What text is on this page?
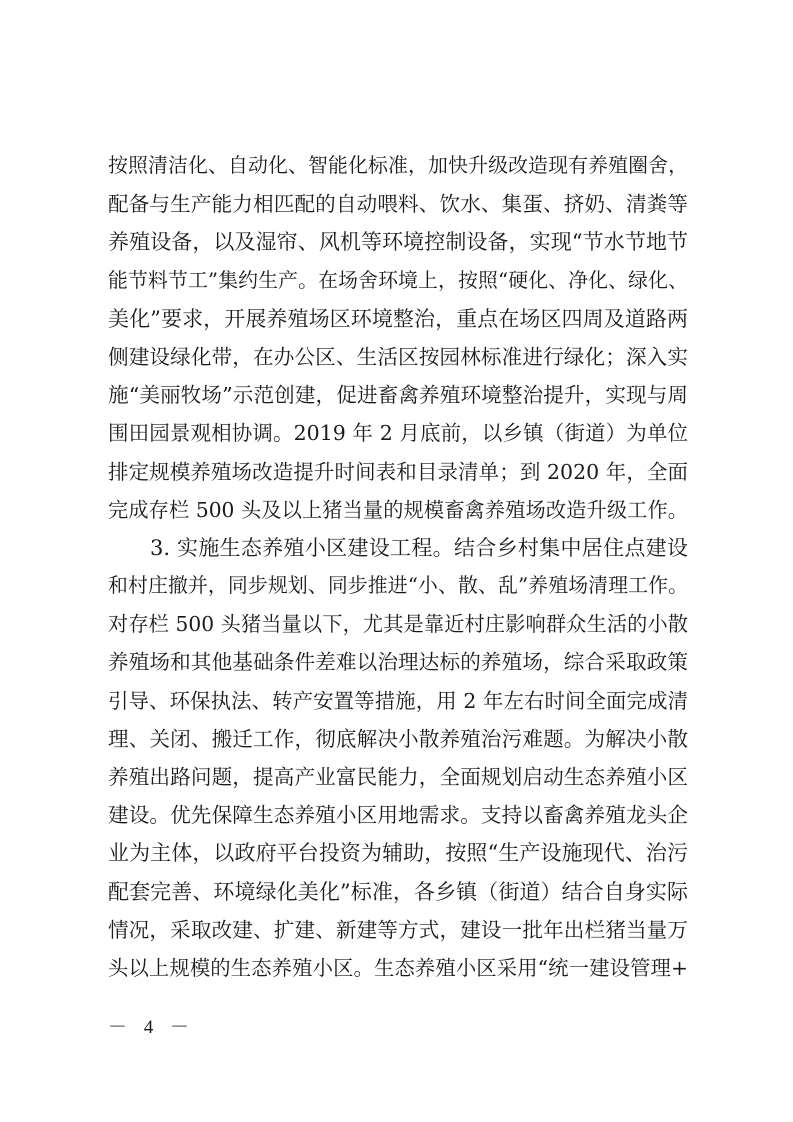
按照清洁化、自动化、智能化标准，加快升级改造现有养殖圈舍，
配备与生产能力相匹配的自动喂料、饮水、集蛋、挤奶、清粪等
养殖设备，以及湿帘、风机等环境控制设备，实现“节水节地节
能节料节工”集约生产。在场舍环境上，按照“硬化、净化、绿化、
美化”要求，开展养殖场区环境整治，重点在场区四周及道路两
侧建设绿化带，在办公区、生活区按园林标准进行绿化；深入实
施“美丽牧场”示范创建，促进畜禽养殖环境整治提升，实现与周
围田园景观相协调。2019 年 2 月底前，以乡镇（街道）为单位
排定规模养殖场改造提升时间表和目录清单；到 2020 年，全面
完成存栏 500 头及以上猪当量的规模畜禽养殖场改造升级工作。
3. 实施生态养殖小区建设工程。结合乡村集中居住点建设
和村庄撤并，同步规划、同步推进“小、散、乱”养殖场清理工作。
对存栏 500 头猪当量以下，尤其是靠近村庄影响群众生活的小散
养殖场和其他基础条件差难以治理达标的养殖场，综合采取政策
引导、环保执法、转产安置等措施，用 2 年左右时间全面完成清
理、关闭、搬迁工作，彻底解决小散养殖治污难题。为解决小散
养殖出路问题，提高产业富民能力，全面规划启动生态养殖小区
建设。优先保障生态养殖小区用地需求。支持以畜禽养殖龙头企
业为主体，以政府平台投资为辅助，按照“生产设施现代、治污
配套完善、环境绿化美化”标准，各乡镇（街道）结合自身实际
情况，采取改建、扩建、新建等方式，建设一批年出栏猪当量万
头以上规模的生态养殖小区。生态养殖小区采用“统一建设管理+
－ 4 －
